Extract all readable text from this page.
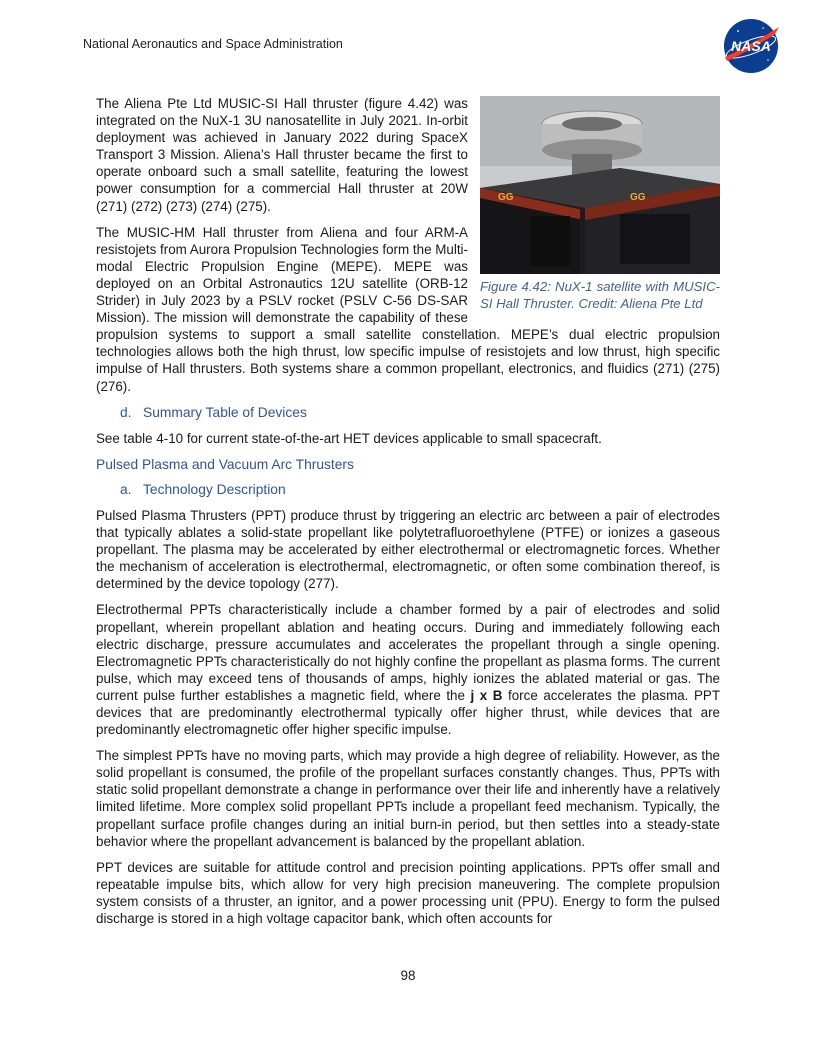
National Aeronautics and Space Administration	NASA
GG	GG
Figure 4.42: NuX-1 satellite with MUSIC-SI Hall Thruster. Credit: Aliena Pte Ltd

The Aliena Pte Ltd MUSIC-SI Hall thruster (figure 4.42) was integrated on the NuX-1 3U nanosatellite in July 2021. In-orbit deployment was achieved in January 2022 during SpaceX Transport 3 Mission. Aliena’s Hall thruster became the first to operate onboard such a small satellite, featuring the lowest power consumption for a commercial Hall thruster at 20W (271) (272) (273) (274) (275).

The MUSIC-HM Hall thruster from Aliena and four ARM-A resistojets from Aurora Propulsion Technologies form the Multi-modal Electric Propulsion Engine (MEPE). MEPE was deployed on an Orbital Astronautics 12U satellite (ORB-12 Strider) in July 2023 by a PSLV rocket (PSLV C-56 DS-SAR Mission). The mission will demonstrate the capability of these propulsion systems to support a small satellite constellation. MEPE’s dual electric propulsion technologies allows both the high thrust, low specific impulse of resistojets and low thrust, high specific impulse of Hall thrusters. Both systems share a common propellant, electronics, and fluidics (271) (275) (276).

d.   Summary Table of Devices

See table 4-10 for current state-of-the-art HET devices applicable to small spacecraft.

Pulsed Plasma and Vacuum Arc Thrusters
a.   Technology Description

Pulsed Plasma Thrusters (PPT) produce thrust by triggering an electric arc between a pair of electrodes that typically ablates a solid-state propellant like polytetrafluoroethylene (PTFE) or ionizes a gaseous propellant. The plasma may be accelerated by either electrothermal or electromagnetic forces. Whether the mechanism of acceleration is electrothermal, electromagnetic, or often some combination thereof, is determined by the device topology (277).

Electrothermal PPTs characteristically include a chamber formed by a pair of electrodes and solid propellant, wherein propellant ablation and heating occurs. During and immediately following each electric discharge, pressure accumulates and accelerates the propellant through a single opening. Electromagnetic PPTs characteristically do not highly confine the propellant as plasma forms. The current pulse, which may exceed tens of thousands of amps, highly ionizes the ablated material or gas. The current pulse further establishes a magnetic field, where the j x B force accelerates the plasma. PPT devices that are predominantly electrothermal typically offer higher thrust, while devices that are predominantly electromagnetic offer higher specific impulse.

The simplest PPTs have no moving parts, which may provide a high degree of reliability. However, as the solid propellant is consumed, the profile of the propellant surfaces constantly changes. Thus, PPTs with static solid propellant demonstrate a change in performance over their life and inherently have a relatively limited lifetime. More complex solid propellant PPTs include a propellant feed mechanism. Typically, the propellant surface profile changes during an initial burn-in period, but then settles into a steady-state behavior where the propellant advancement is balanced by the propellant ablation.

PPT devices are suitable for attitude control and precision pointing applications. PPTs offer small and repeatable impulse bits, which allow for very high precision maneuvering. The complete propulsion system consists of a thruster, an ignitor, and a power processing unit (PPU). Energy to form the pulsed discharge is stored in a high voltage capacitor bank, which often accounts for

98
